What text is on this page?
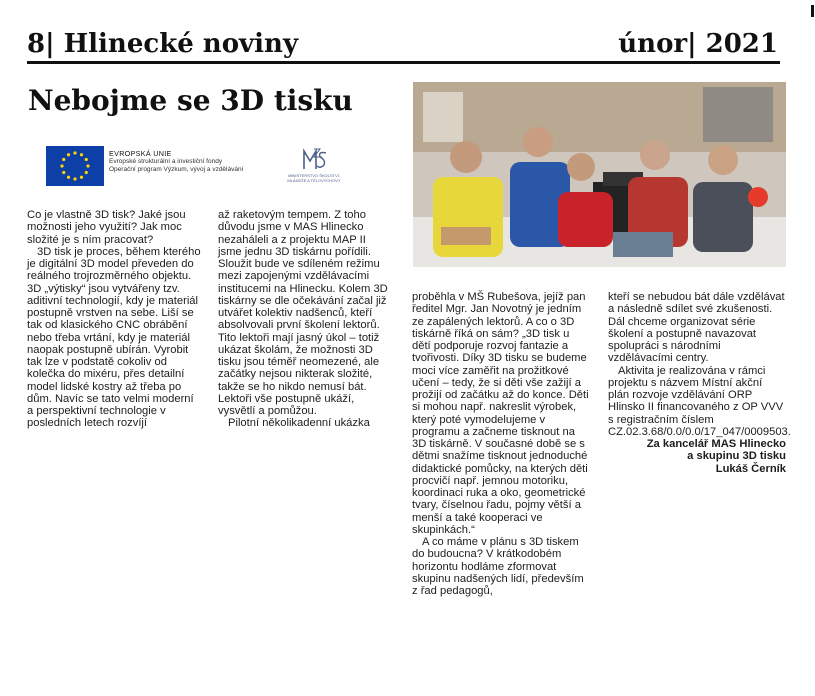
8| Hlinecké noviny	únor| 2021
Nebojme se 3D tisku
EVROPSKÁ UNIE
Evropské strukturální a investiční fondy
Operační program Výzkum, vývoj a vzdělávání
MINISTERSTVO ŠKOLSTVÍ,
MLÁDEŽE A TĚLOVÝCHOVY

Co je vlastně 3D tisk? Jaké jsou možnosti jeho využití? Jak moc složité je s ním pracovat?

3D tisk je proces, během kterého je digitální 3D model převeden do reálného trojrozměrného objektu. 3D „výtisky“ jsou vytvářeny tzv. aditivní technologií, kdy je materiál postupně vrstven na sebe. Liší se tak od klasického CNC obrábění nebo třeba vrtání, kdy je materiál naopak postupně ubírán. Vyrobit tak lze v podstatě cokoliv od kolečka do mixéru, přes detailní model lidské kostry až třeba po dům. Navíc se tato velmi moderní a perspektivní technologie v posledních letech rozvíjí

až raketovým tempem. Z toho důvodu jsme v MAS Hlinecko nezaháleli a z projektu MAP II jsme jednu 3D tiskárnu pořídili. Sloužit bude ve sdíleném režimu mezi zapojenými vzdělávacími institucemi na Hlinecku. Kolem 3D tiskárny se dle očekávání začal již utvářet kolektiv nadšenců, kteří absolvovali první školení lektorů. Tito lektoři mají jasný úkol – totiž ukázat školám, že možnosti 3D tisku jsou téměř neomezené, ale začátky nejsou nikterak složité, takže se ho nikdo nemusí bát. Lektoři vše postupně ukáží, vysvětlí a pomůžou.

Pilotní několikadenní ukázka

proběhla v MŠ Rubešova, jejíž pan ředitel Mgr. Jan Novotný je jedním ze zapálených lektorů. A co o 3D tiskárně říká on sám? „3D tisk u dětí podporuje rozvoj fantazie a tvořivosti. Díky 3D tisku se budeme moci více zaměřit na prožitkové učení – tedy, že si děti vše zažijí a prožijí od začátku až do konce. Děti si mohou např. nakreslit výrobek, který poté vymodelujeme v programu a začneme tisknout na 3D tiskárně. V současné době se s dětmi snažíme tisknout jednoduché didaktické pomůcky, na kterých děti procvičí např. jemnou motoriku, koordinaci ruka a oko, geometrické tvary, číselnou řadu, pojmy větší a menší a také kooperaci ve skupinkách.“

A co máme v plánu s 3D tiskem do budoucna? V krátkodobém horizontu hodláme zformovat skupinu nadšených lidí, především z řad pedagogů,

kteří se nebudou bát dále vzdělávat a následně sdílet své zkušenosti. Dál chceme organizovat série školení a postupně navazovat spolupráci s národními vzdělávacími centry.

Aktivita je realizována v rámci projektu s názvem Místní akční plán rozvoje vzdělávání ORP Hlinsko II financovaného z OP VVV s registračním číslem CZ.02.3.68/0.0/0.0/17_047/0009503.

Za kancelář MAS Hlinecko
a skupinu 3D tisku
Lukáš Černík
